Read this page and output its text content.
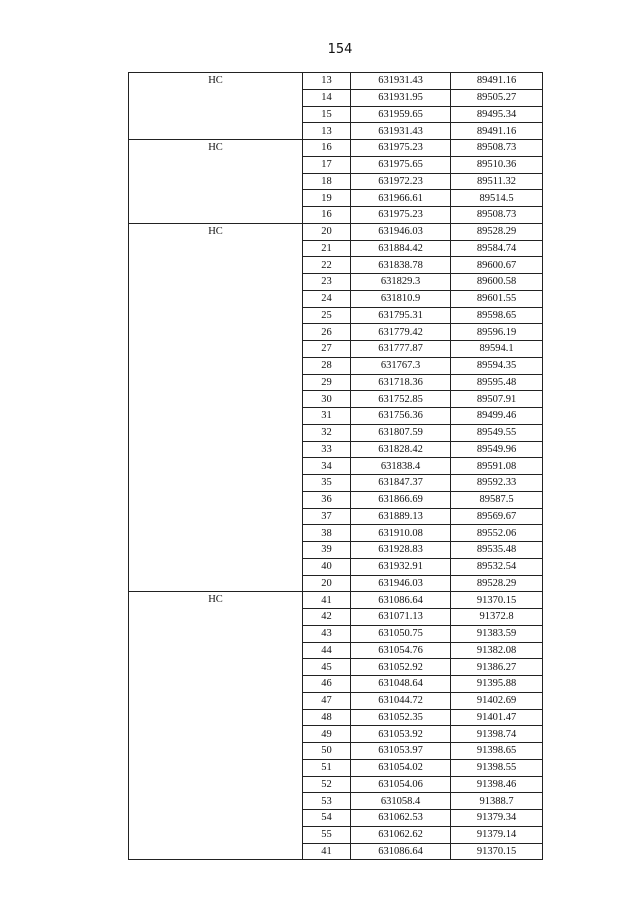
154
HC	13	631931.43	89491.16
	14	631931.95	89505.27
	15	631959.65	89495.34
	13	631931.43	89491.16
HC	16	631975.23	89508.73
	17	631975.65	89510.36
	18	631972.23	89511.32
	19	631966.61	89514.5
	16	631975.23	89508.73
HC	20	631946.03	89528.29
	21	631884.42	89584.74
	22	631838.78	89600.67
	23	631829.3	89600.58
	24	631810.9	89601.55
	25	631795.31	89598.65
	26	631779.42	89596.19
	27	631777.87	89594.1
	28	631767.3	89594.35
	29	631718.36	89595.48
	30	631752.85	89507.91
	31	631756.36	89499.46
	32	631807.59	89549.55
	33	631828.42	89549.96
	34	631838.4	89591.08
	35	631847.37	89592.33
	36	631866.69	89587.5
	37	631889.13	89569.67
	38	631910.08	89552.06
	39	631928.83	89535.48
	40	631932.91	89532.54
	20	631946.03	89528.29
HC	41	631086.64	91370.15
	42	631071.13	91372.8
	43	631050.75	91383.59
	44	631054.76	91382.08
	45	631052.92	91386.27
	46	631048.64	91395.88
	47	631044.72	91402.69
	48	631052.35	91401.47
	49	631053.92	91398.74
	50	631053.97	91398.65
	51	631054.02	91398.55
	52	631054.06	91398.46
	53	631058.4	91388.7
	54	631062.53	91379.34
	55	631062.62	91379.14
	41	631086.64	91370.15
